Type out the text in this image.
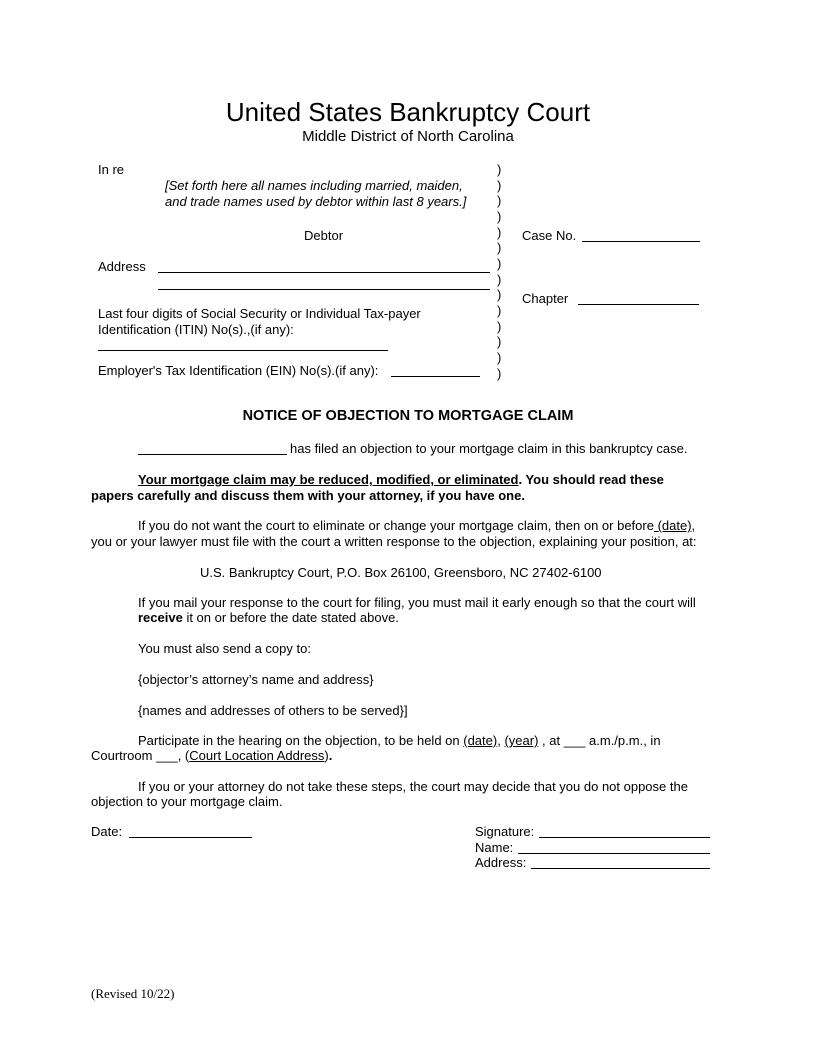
United States Bankruptcy Court
Middle District of North Carolina
In re
[Set forth here all names including married, maiden,
and trade names used by debtor within last 8 years.]
Debtor
Address
Last four digits of Social Security or Individual Tax-payer
Identification (ITIN) No(s).,(if any):
Employer's Tax Identification (EIN) No(s).(if any):
)
)
)
)
)
)
)
)
)
)
)
)
)
)
Case No.
Chapter
NOTICE OF OBJECTION TO MORTGAGE CLAIM
has filed an objection to your mortgage claim in this bankruptcy case.
Your mortgage claim may be reduced, modified, or eliminated. You should read these
papers carefully and discuss them with your attorney, if you have one.
If you do not want the court to eliminate or change your mortgage claim, then on or before (date),
you or your lawyer must file with the court a written response to the objection, explaining your position, at:
U.S. Bankruptcy Court, P.O. Box 26100, Greensboro, NC 27402-6100
If you mail your response to the court for filing, you must mail it early enough so that the court will
receive it on or before the date stated above.
You must also send a copy to:
{objector’s attorney’s name and address}
{names and addresses of others to be served}]
Participate in the hearing on the objection, to be held on (date), (year) , at ___ a.m./p.m., in
Courtroom ___, (Court Location Address).
If you or your attorney do not take these steps, the court may decide that you do not oppose the
objection to your mortgage claim.
Date:	Signature:
Name:
Address:
(Revised 10/22)
